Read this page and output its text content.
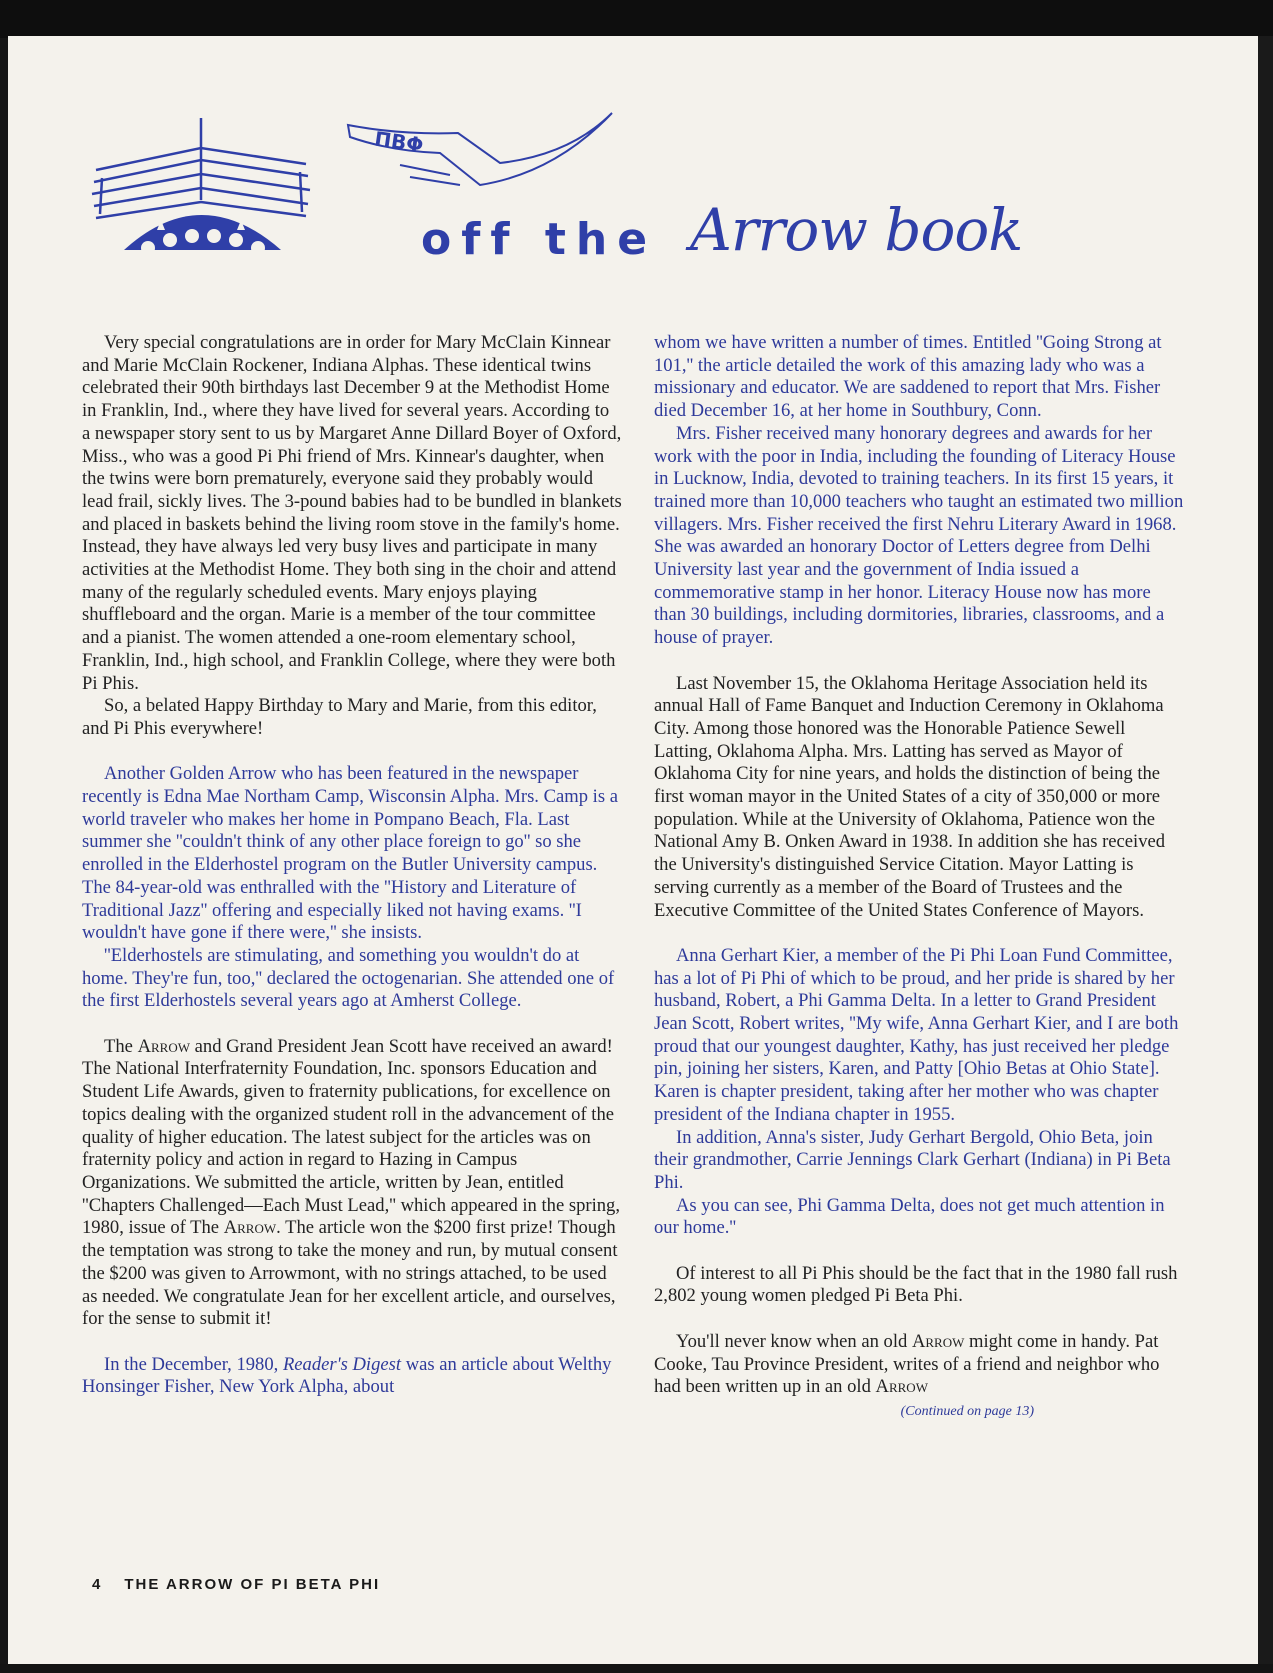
ΠΒΦ
off the Arrow book

Very special congratulations are in order for Mary McClain Kinnear and Marie McClain Rockener, Indiana Alphas. These identical twins celebrated their 90th birthdays last December 9 at the Methodist Home in Franklin, Ind., where they have lived for several years. According to a newspaper story sent to us by Margaret Anne Dillard Boyer of Oxford, Miss., who was a good Pi Phi friend of Mrs. Kinnear's daughter, when the twins were born prematurely, everyone said they probably would lead frail, sickly lives. The 3-pound babies had to be bundled in blankets and placed in baskets behind the living room stove in the family's home. Instead, they have always led very busy lives and participate in many activities at the Methodist Home. They both sing in the choir and attend many of the regularly scheduled events. Mary enjoys playing shuffleboard and the organ. Marie is a member of the tour committee and a pianist. The women attended a one-room elementary school, Franklin, Ind., high school, and Franklin College, where they were both Pi Phis.

So, a belated Happy Birthday to Mary and Marie, from this editor, and Pi Phis everywhere!

Another Golden Arrow who has been featured in the newspaper recently is Edna Mae Northam Camp, Wisconsin Alpha. Mrs. Camp is a world traveler who makes her home in Pompano Beach, Fla. Last summer she ''couldn't think of any other place foreign to go'' so she enrolled in the Elderhostel program on the Butler University campus. The 84-year-old was enthralled with the ''History and Literature of Traditional Jazz'' offering and especially liked not having exams. ''I wouldn't have gone if there were,'' she insists.

''Elderhostels are stimulating, and something you wouldn't do at home. They're fun, too,'' declared the octogenarian. She attended one of the first Elderhostels several years ago at Amherst College.

The Arrow and Grand President Jean Scott have received an award! The National Interfraternity Foundation, Inc. sponsors Education and Student Life Awards, given to fraternity publications, for excellence on topics dealing with the organized student roll in the advancement of the quality of higher education. The latest subject for the articles was on fraternity policy and action in regard to Hazing in Campus Organizations. We submitted the article, written by Jean, entitled ''Chapters Challenged—Each Must Lead,'' which appeared in the spring, 1980, issue of The Arrow. The article won the $200 first prize! Though the temptation was strong to take the money and run, by mutual consent the $200 was given to Arrowmont, with no strings attached, to be used as needed. We congratulate Jean for her excellent article, and ourselves, for the sense to submit it!

In the December, 1980, Reader's Digest was an article about Welthy Honsinger Fisher, New York Alpha, about

whom we have written a number of times. Entitled ''Going Strong at 101,'' the article detailed the work of this amazing lady who was a missionary and educator. We are saddened to report that Mrs. Fisher died December 16, at her home in Southbury, Conn.

Mrs. Fisher received many honorary degrees and awards for her work with the poor in India, including the founding of Literacy House in Lucknow, India, devoted to training teachers. In its first 15 years, it trained more than 10,000 teachers who taught an estimated two million villagers. Mrs. Fisher received the first Nehru Literary Award in 1968. She was awarded an honorary Doctor of Letters degree from Delhi University last year and the government of India issued a commemorative stamp in her honor. Literacy House now has more than 30 buildings, including dormitories, libraries, classrooms, and a house of prayer.

Last November 15, the Oklahoma Heritage Association held its annual Hall of Fame Banquet and Induction Ceremony in Oklahoma City. Among those honored was the Honorable Patience Sewell Latting, Oklahoma Alpha. Mrs. Latting has served as Mayor of Oklahoma City for nine years, and holds the distinction of being the first woman mayor in the United States of a city of 350,000 or more population. While at the University of Oklahoma, Patience won the National Amy B. Onken Award in 1938. In addition she has received the University's distinguished Service Citation. Mayor Latting is serving currently as a member of the Board of Trustees and the Executive Committee of the United States Conference of Mayors.

Anna Gerhart Kier, a member of the Pi Phi Loan Fund Committee, has a lot of Pi Phi of which to be proud, and her pride is shared by her husband, Robert, a Phi Gamma Delta. In a letter to Grand President Jean Scott, Robert writes, ''My wife, Anna Gerhart Kier, and I are both proud that our youngest daughter, Kathy, has just received her pledge pin, joining her sisters, Karen, and Patty [Ohio Betas at Ohio State]. Karen is chapter president, taking after her mother who was chapter president of the Indiana chapter in 1955.

In addition, Anna's sister, Judy Gerhart Bergold, Ohio Beta, join their grandmother, Carrie Jennings Clark Gerhart (Indiana) in Pi Beta Phi.

As you can see, Phi Gamma Delta, does not get much attention in our home.''

Of interest to all Pi Phis should be the fact that in the 1980 fall rush 2,802 young women pledged Pi Beta Phi.

You'll never know when an old Arrow might come in handy. Pat Cooke, Tau Province President, writes of a friend and neighbor who had been written up in an old Arrow

(Continued on page 13)
4 THE ARROW OF PI BETA PHI
